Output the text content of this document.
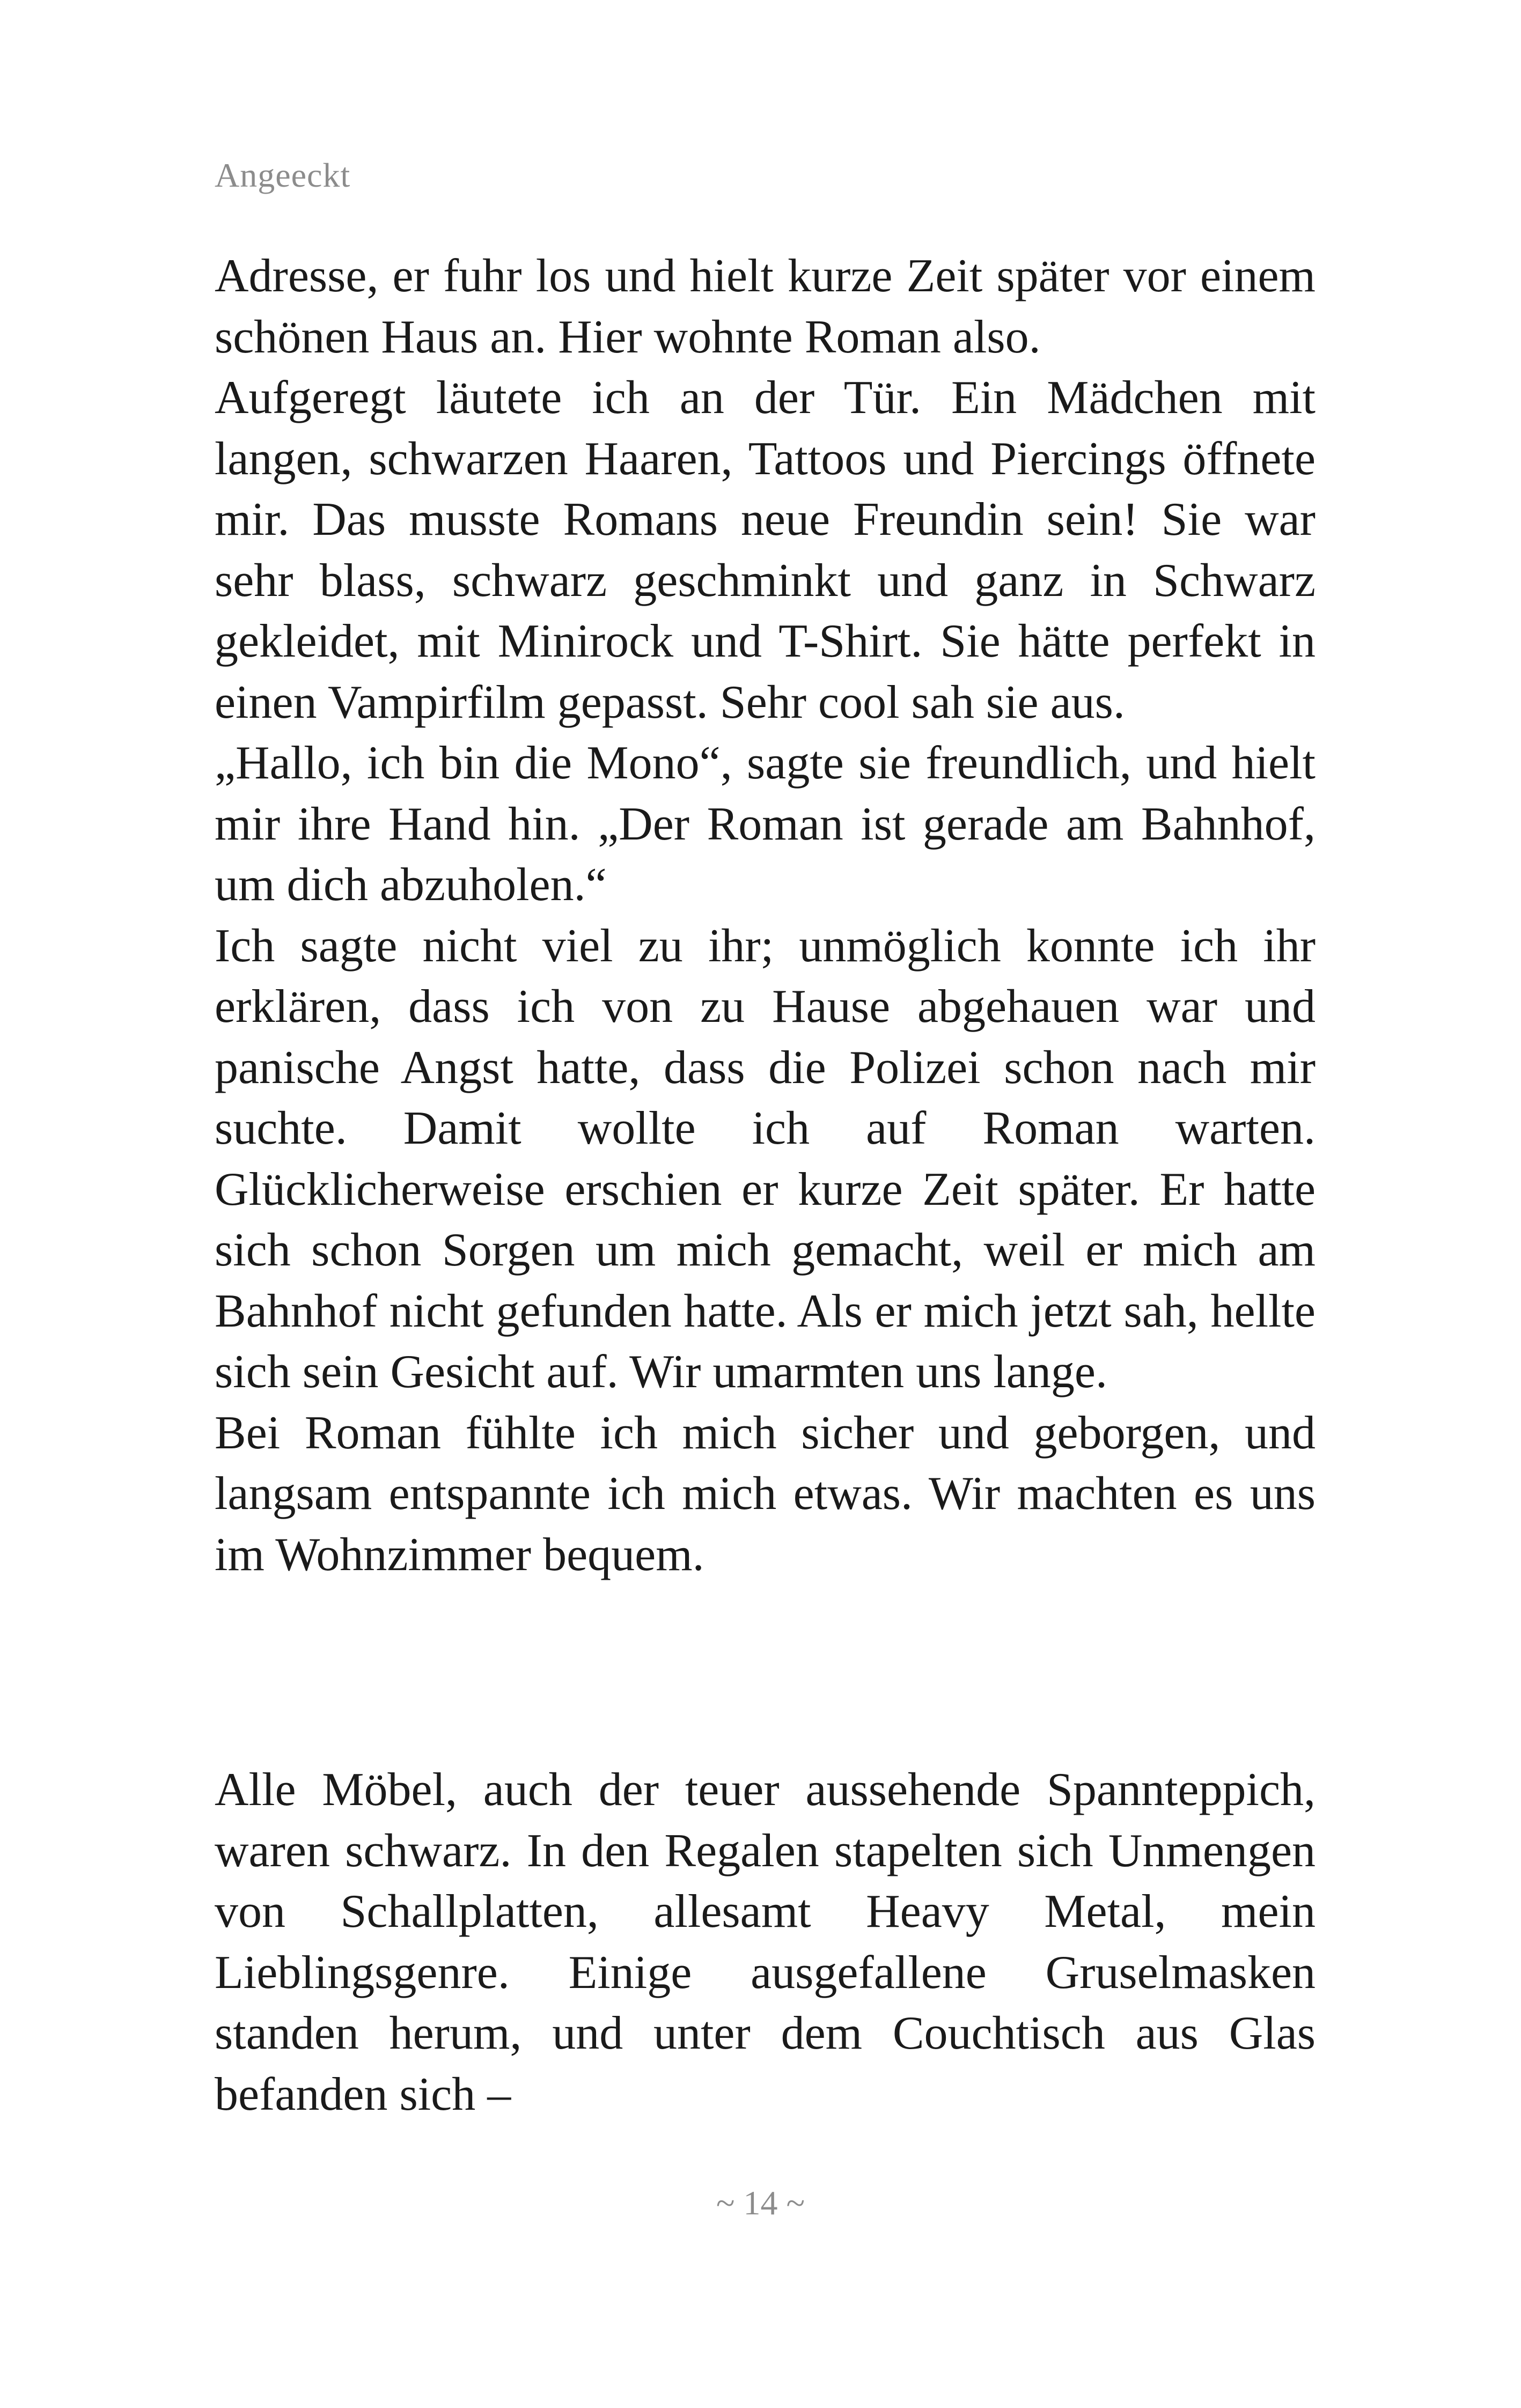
Angeeckt

Adresse, er fuhr los und hielt kurze Zeit später vor einem schönen Haus an. Hier wohnte Roman also.

Aufgeregt läutete ich an der Tür. Ein Mädchen mit langen, schwarzen Haaren, Tattoos und Piercings öffnete mir. Das musste Romans neue Freundin sein! Sie war sehr blass, schwarz geschminkt und ganz in Schwarz gekleidet, mit Minirock und T-Shirt. Sie hätte perfekt in einen Vampirfilm gepasst. Sehr cool sah sie aus.

„Hallo, ich bin die Mono“, sagte sie freundlich, und hielt mir ihre Hand hin. „Der Roman ist gerade am Bahnhof, um dich abzuholen.“

Ich sagte nicht viel zu ihr; unmöglich konnte ich ihr erklären, dass ich von zu Hause abgehauen war und panische Angst hatte, dass die Polizei schon nach mir suchte. Damit wollte ich auf Roman warten. Glücklicherweise erschien er kurze Zeit später. Er hatte sich schon Sorgen um mich gemacht, weil er mich am Bahnhof nicht gefunden hatte. Als er mich jetzt sah, hellte sich sein Gesicht auf. Wir umarmten uns lange.

Bei Roman fühlte ich mich sicher und geborgen, und langsam entspannte ich mich etwas. Wir machten es uns im Wohnzimmer bequem.

Alle Möbel, auch der teuer aussehende Spannteppich, waren schwarz. In den Regalen stapelten sich Unmengen von Schallplatten, allesamt Heavy Metal, mein Lieblingsgenre. Einige ausgefallene Gruselmasken standen herum, und unter dem Couchtisch aus Glas befanden sich –

~ 14 ~
